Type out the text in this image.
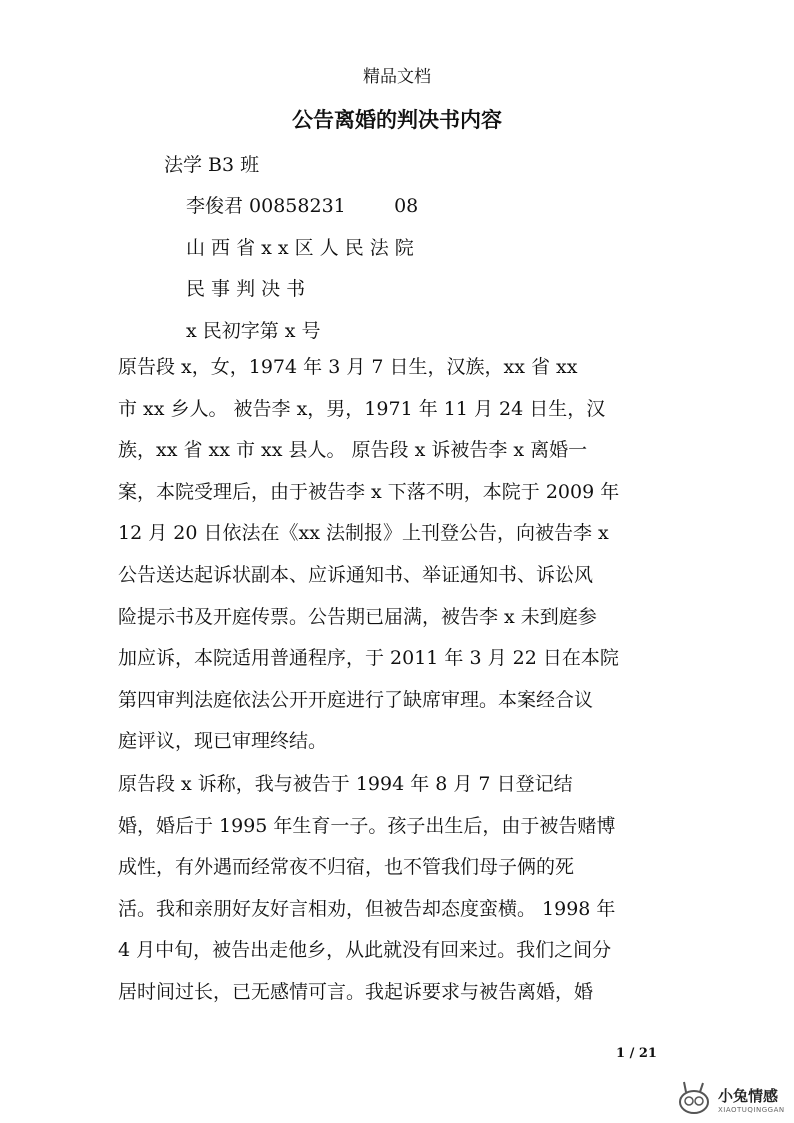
精品文档
公告离婚的判决书内容
法学 B3 班
李俊君 00858231        08
山 西 省 x x 区 人 民 法 院
民 事 判 决 书
x 民初字第 x 号
原告段 x，女，1974 年 3 月 7 日生，汉族，xx 省 xx
市 xx 乡人。 被告李 x，男，1971 年 11 月 24 日生，汉
族，xx 省 xx 市 xx 县人。 原告段 x 诉被告李 x 离婚一
案，本院受理后，由于被告李 x 下落不明，本院于 2009 年
12 月 20 日依法在《xx 法制报》上刊登公告，向被告李 x
公告送达起诉状副本、应诉通知书、举证通知书、诉讼风
险提示书及开庭传票。公告期已届满，被告李 x 未到庭参
加应诉，本院适用普通程序，于 2011 年 3 月 22 日在本院
第四审判法庭依法公开开庭进行了缺席审理。本案经合议
庭评议，现已审理终结。
原告段 x 诉称，我与被告于 1994 年 8 月 7 日登记结
婚，婚后于 1995 年生育一子。孩子出生后，由于被告赌博
成性，有外遇而经常夜不归宿，也不管我们母子俩的死
活。我和亲朋好友好言相劝，但被告却态度蛮横。 1998 年
4 月中旬，被告出走他乡，从此就没有回来过。我们之间分
居时间过长，已无感情可言。我起诉要求与被告离婚，婚
1 / 21
小兔情感
XIAOTUQINGGAN
